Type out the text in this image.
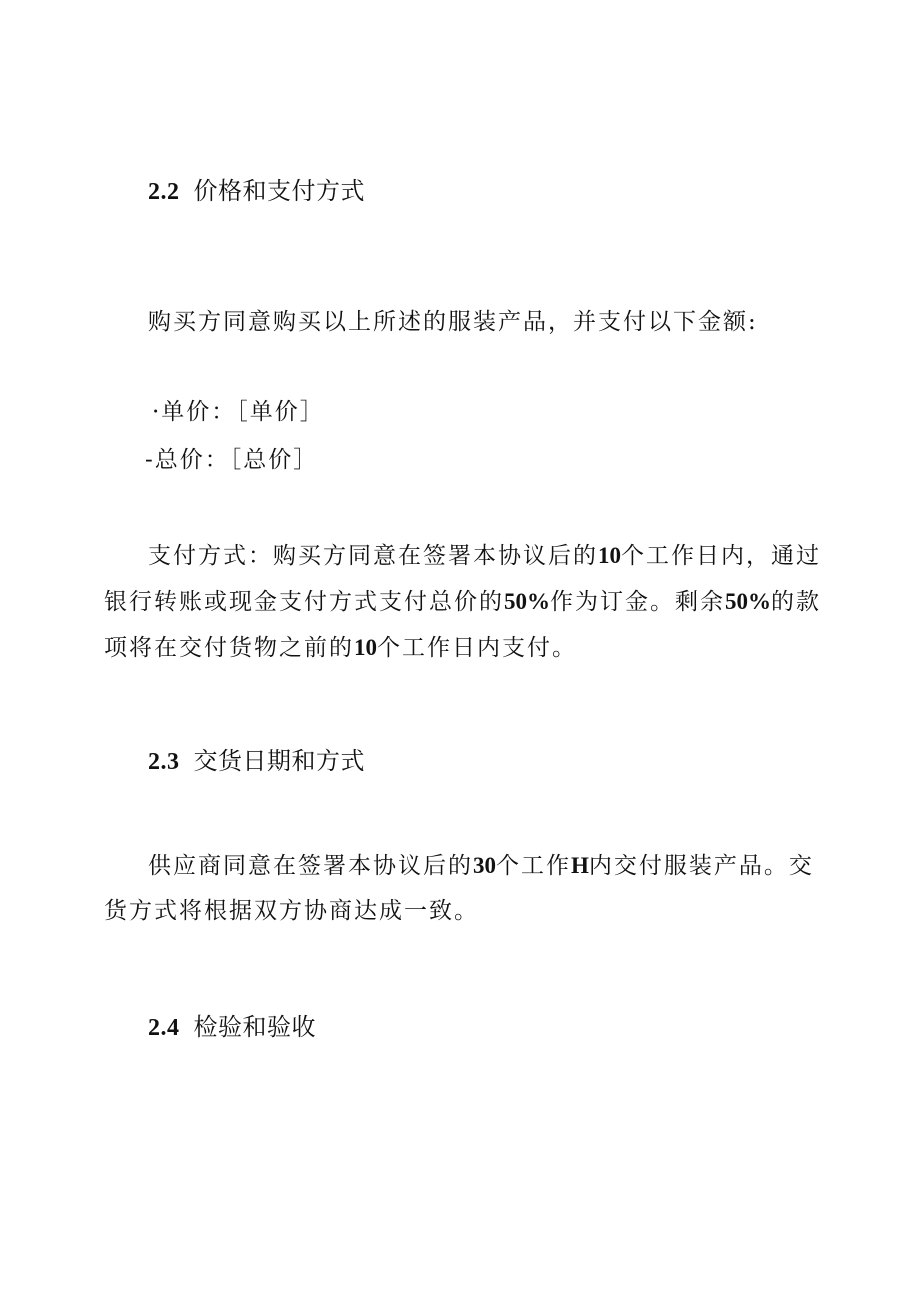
2.2 价格和支付方式
购买方同意购买以上所述的服装产品，并支付以下金额:
·单价：［单价］
-总价：［总价］
支付方式：购买方同意在签署本协议后的10个工作日内，通过银行转账或现金支付方式支付总价的50%作为订金。剩余50%的款项将在交付货物之前的10个工作日内支付。
2.3 交货日期和方式
供应商同意在签署本协议后的30个工作H内交付服装产品。交货方式将根据双方协商达成一致。
2.4 检验和验收
